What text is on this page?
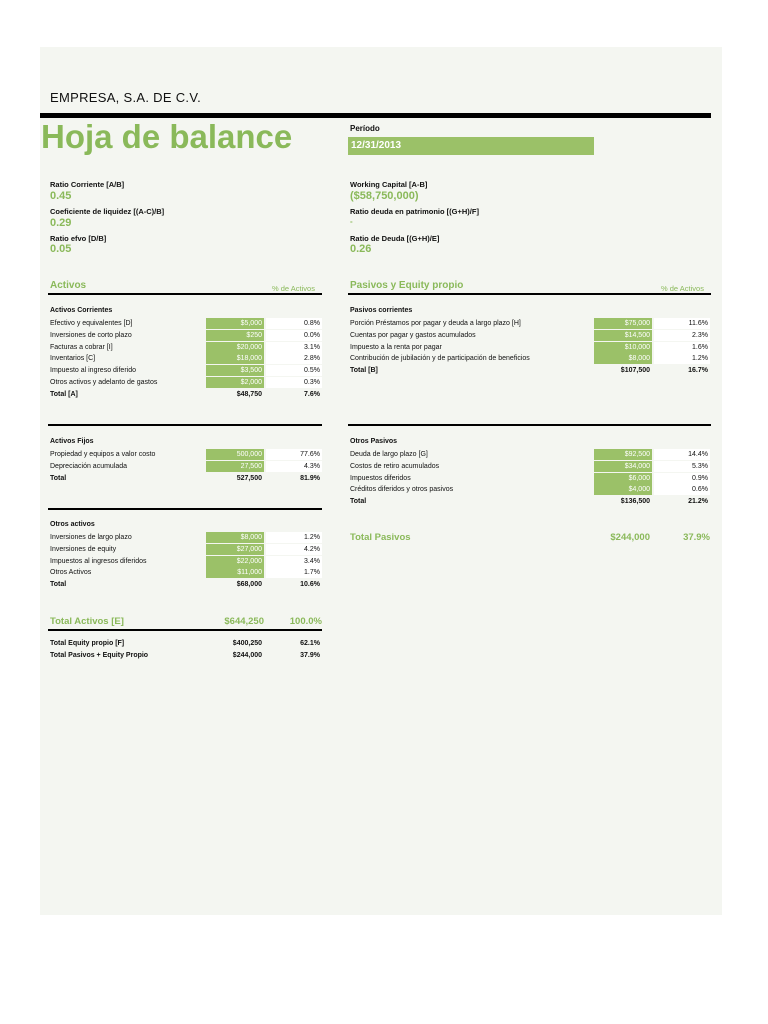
EMPRESA, S.A. DE C.V.
Hoja de balance	Período
12/31/2013
Ratio Corriente [A/B]
0.45
Coeficiente de liquidez [(A-C)/B]
0.29
Ratio efvo [D/B]
0.05
Working Capital [A-B]
($58,750,000)
Ratio deuda en patrimonio [(G+H)/F]
-
Ratio de Deuda [(G+H)/E]
0.26
Activos	% de Activos	Pasivos y Equity propio	% de Activos
Activos Corrientes
Efectivo y equivalentes [D]	$5,000	0.8%
Inversiones de corto plazo	$250	0.0%
Facturas a cobrar [I]	$20,000	3.1%
Inventarios [C]	$18,000	2.8%
Impuesto al ingreso diferido	$3,500	0.5%
Otros activos y adelanto de gastos	$2,000	0.3%
Total [A]	$48,750	7.6%
Pasivos corrientes
Porción Préstamos por pagar y deuda a largo plazo [H]	$75,000	11.6%
Cuentas por pagar y gastos acumulados	$14,500	2.3%
Impuesto a la renta por pagar	$10,000	1.6%
Contribución de jubilación y de participación de beneficios	$8,000	1.2%
Total [B]	$107,500	16.7%
Activos Fijos
Propiedad y equipos a valor costo	500,000	77.6%
Depreciación acumulada	27,500	4.3%
Total	527,500	81.9%
Otros Pasivos
Deuda de largo plazo [G]	$92,500	14.4%
Costos de retiro acumulados	$34,000	5.3%
Impuestos diferidos	$6,000	0.9%
Créditos diferidos y otros pasivos	$4,000	0.6%
Total	$136,500	21.2%
Otros activos
Inversiones de largo plazo	$8,000	1.2%
Inversiones de equity	$27,000	4.2%
Impuestos al ingresos diferidos	$22,000	3.4%
Otros Activos	$11,000	1.7%
Total	$68,000	10.6%
Total Pasivos	$244,000	37.9%
Total Activos [E]	$644,250	100.0%
Total Equity propio [F]	$400,250	62.1%
Total Pasivos + Equity Propio	$244,000	37.9%
